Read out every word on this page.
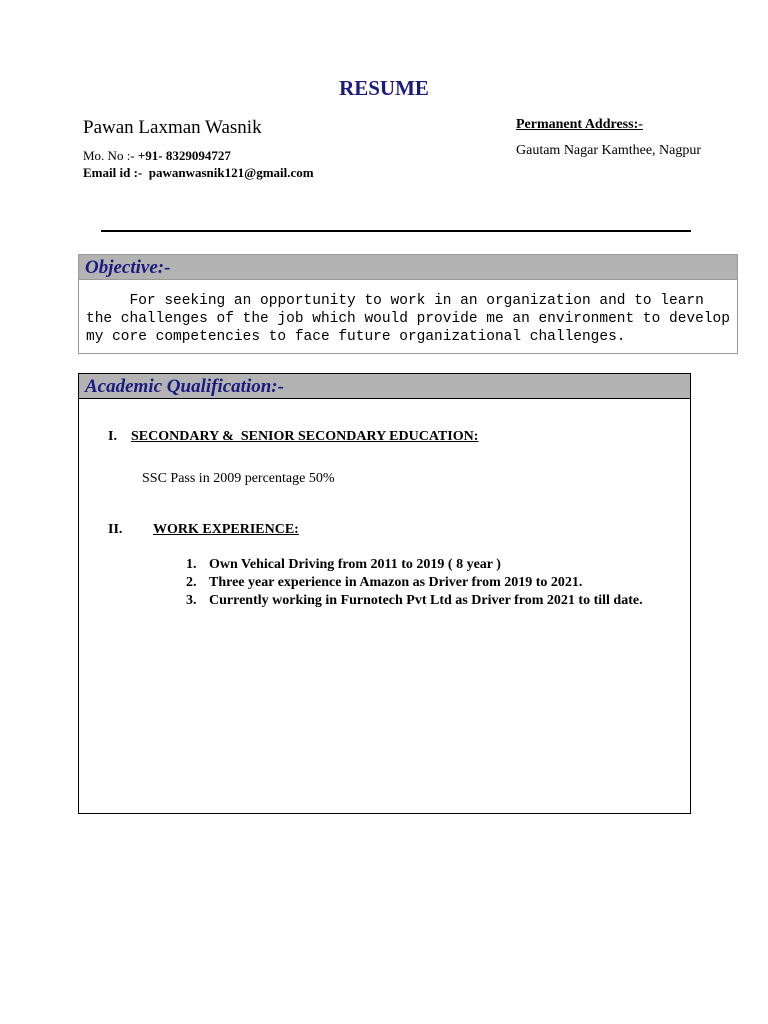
RESUME
Pawan Laxman Wasnik
Mo. No :- +91- 8329094727
Email id :-  pawanwasnik121@gmail.com
Permanent Address:-
Gautam Nagar Kamthee, Nagpur
Objective:-
For seeking an opportunity to work in an organization and to learn the challenges of the job which would provide me an environment to develop my core competencies to face future organizational challenges.
Academic Qualification:-
I. SECONDARY &  SENIOR SECONDARY EDUCATION:
SSC Pass in 2009 percentage 50%
II. WORK EXPERIENCE:
1. Own Vehical Driving from 2011 to 2019 ( 8 year )
2. Three year experience in Amazon as Driver from 2019 to 2021.
3. Currently working in Furnotech Pvt Ltd as Driver from 2021 to till date.
